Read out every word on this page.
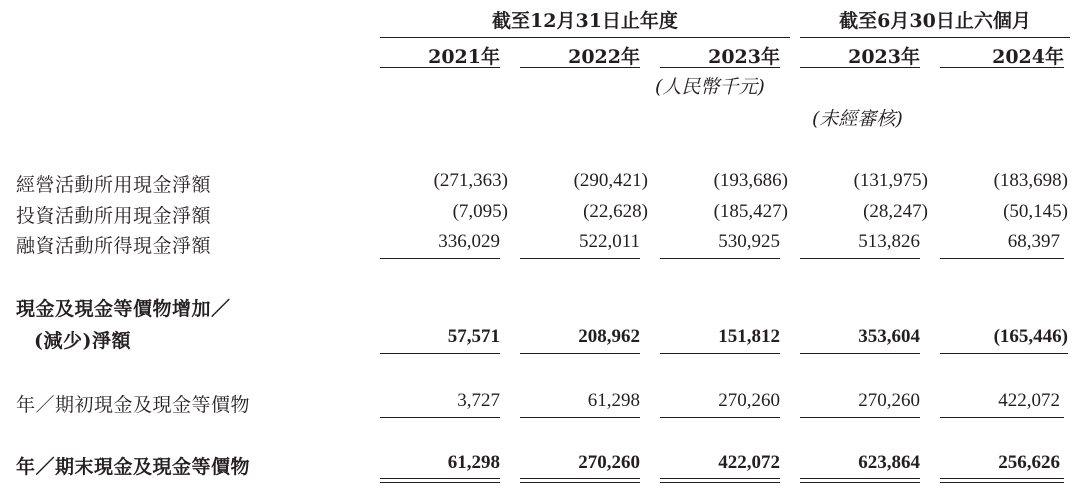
截至12月31日止年度	截至6月30日止六個月
2021年	2022年	2023年	2023年	2024年
(人民幣千元)
(未經審核)
經營活動所用現金淨額	(271,363)	(290,421)	(193,686)	(131,975)	(183,698)
投資活動所用現金淨額	(7,095)	(22,628)	(185,427)	(28,247)	(50,145)
融資活動所得現金淨額	336,029	522,011	530,925	513,826	68,397
現金及現金等價物增加／
(減少)淨額	57,571	208,962	151,812	353,604	(165,446)
年／期初現金及現金等價物	3,727	61,298	270,260	270,260	422,072
年／期末現金及現金等價物	61,298	270,260	422,072	623,864	256,626
